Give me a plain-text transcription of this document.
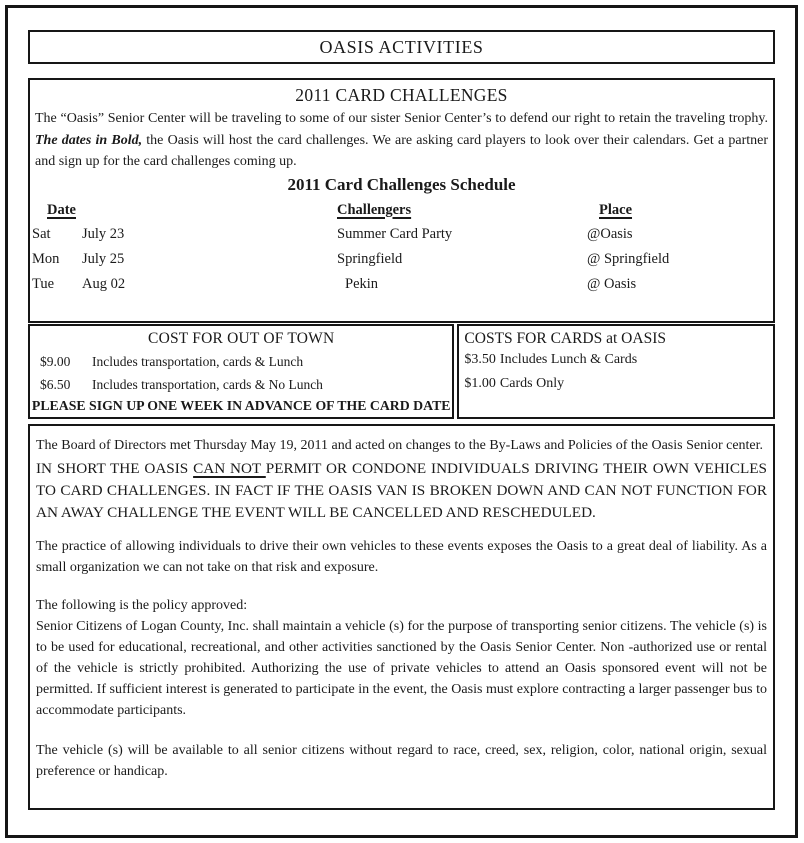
OASIS ACTIVITIES
2011 CARD CHALLENGES
The “Oasis” Senior Center will be traveling to some of our sister Senior Center’s to defend our right to retain the traveling trophy. The dates in Bold, the Oasis will host the card challenges. We are asking card players to look over their calendars. Get a partner and sign up for the card challenges coming up.
2011 Card Challenges Schedule
Date	Challengers	Place
Sat	July 23	Summer Card Party	@Oasis
Mon	July 25	Springfield	@ Springfield
Tue	Aug 02	Pekin	@ Oasis
COST FOR OUT OF TOWN
$9.00	Includes transportation, cards & Lunch
$6.50	Includes transportation, cards & No Lunch
PLEASE SIGN UP ONE WEEK IN ADVANCE OF THE CARD DATE
COSTS FOR CARDS at OASIS
$3.50 Includes Lunch & Cards
$1.00 Cards Only

The Board of Directors met Thursday May 19, 2011 and acted on changes to the By-Laws and Policies of the Oasis Senior center.

IN SHORT THE OASIS CAN NOT PERMIT OR CONDONE INDIVIDUALS DRIVING THEIR OWN VEHICLES TO CARD CHALLENGES. IN FACT IF THE OASIS VAN IS BROKEN DOWN AND CAN NOT FUNCTION FOR AN AWAY CHALLENGE THE EVENT WILL BE CANCELLED AND RESCHEDULED.

The practice of allowing individuals to drive their own vehicles to these events exposes the Oasis to a great deal of liability. As a small organization we can not take on that risk and exposure.

The following is the policy approved:

Senior Citizens of Logan County, Inc. shall maintain a vehicle (s) for the purpose of transporting senior citizens. The vehicle (s) is to be used for educational, recreational, and other activities sanctioned by the Oasis Senior Center. Non -authorized use or rental of the vehicle is strictly prohibited. Authorizing the use of private vehicles to attend an Oasis sponsored event will not be permitted. If sufficient interest is generated to participate in the event, the Oasis must explore contracting a larger passenger bus to accommodate participants.

The vehicle (s) will be available to all senior citizens without regard to race, creed, sex, religion, color, national origin, sexual preference or handicap.
